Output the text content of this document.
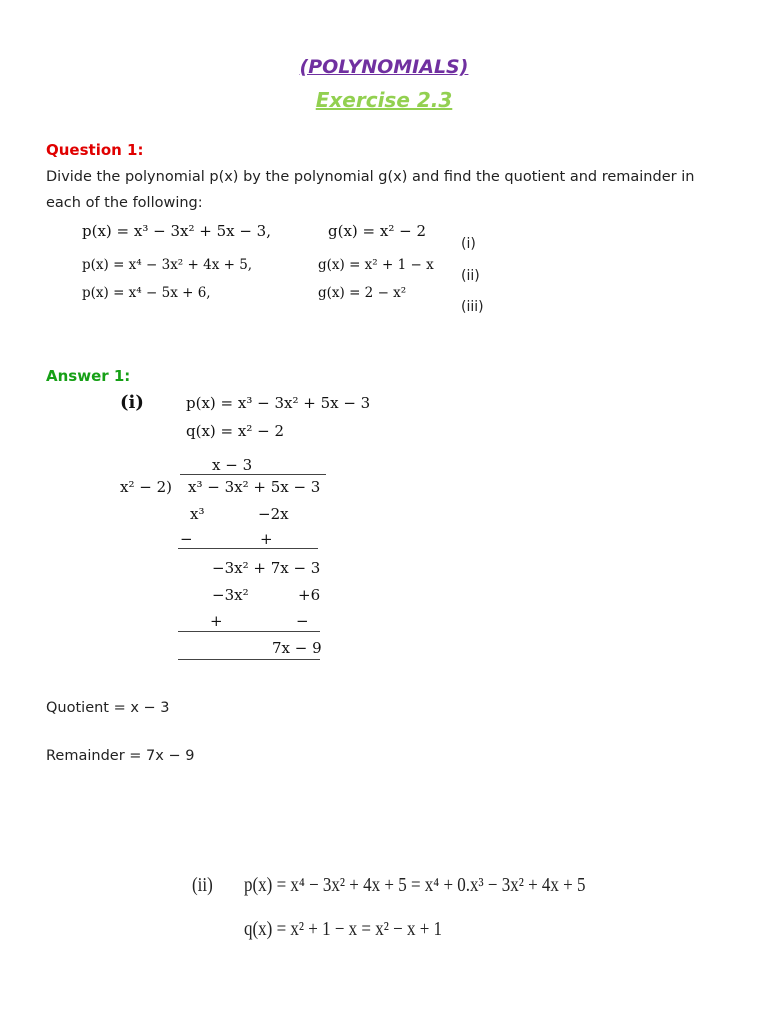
(POLYNOMIALS)
Exercise 2.3
Question 1:
Divide the polynomial p(x) by the polynomial g(x) and find the quotient and remainder in each of the following:
p(x) = x³ − 3x² + 5x − 3,	g(x) = x² − 2
(i)
p(x) = x⁴ − 3x² + 4x + 5,	g(x) = x² + 1 − x
(ii)
p(x) = x⁴ − 5x + 6,	g(x) = 2 − x²
(iii)
Answer 1:
(i)	p(x) = x³ − 3x² + 5x − 3
q(x) = x² − 2
x − 3
x² − 2) x³ − 3x² + 5x − 3
x³	−2x
−	+
−3x² + 7x − 3
−3x²	+6
+	−
7x − 9
Quotient = x − 3
Remainder = 7x − 9
(ii) p(x) = x⁴ − 3x² + 4x + 5 = x⁴ + 0.x³ − 3x² + 4x + 5
q(x) = x² + 1 − x = x² − x + 1
